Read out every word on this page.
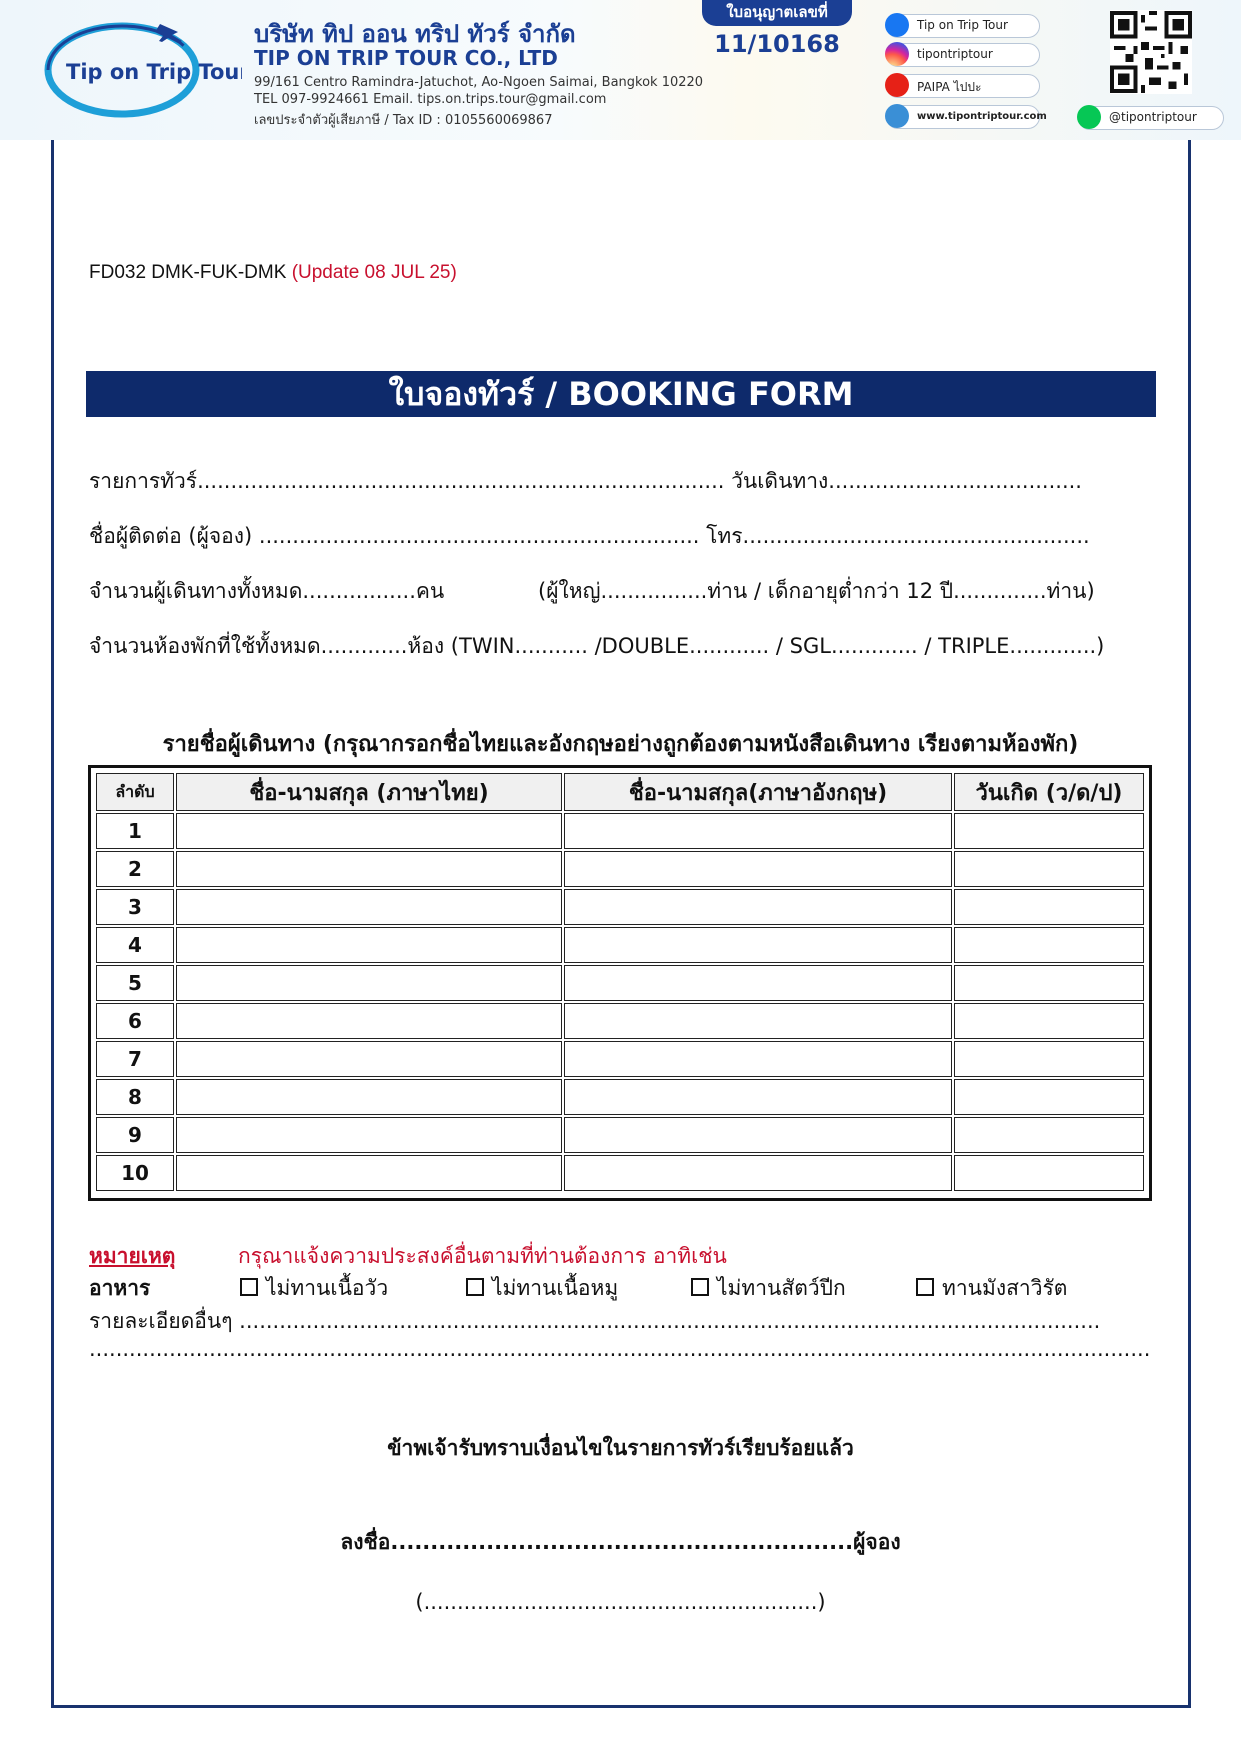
Tip on Trip Tour
บริษัท ทิป ออน ทริป ทัวร์ จำกัด
TIP ON TRIP TOUR CO., LTD
99/161 Centro Ramindra-Jatuchot, Ao-Ngoen Saimai, Bangkok 10220
TEL 097-9924661 Email. tips.on.trips.tour@gmail.com
เลขประจำตัวผู้เสียภาษี / Tax ID : 0105560069867
ใบอนุญาตเลขที่
11/10168
Tip on Trip Tour
tipontriptour
PAIPA ไปปะ
www.tipontriptour.com	@tipontriptour
FD032 DMK-FUK-DMK (Update 08 JUL 25)
ใบจองทัวร์ / BOOKING FORM
รายการทัวร์............................................................................... วันเดินทาง......................................
ชื่อผู้ติดต่อ (ผู้จอง) .................................................................. โทร....................................................
จำนวนผู้เดินทางทั้งหมด.................คน	(ผู้ใหญ่................ท่าน / เด็กอายุต่ำกว่า 12 ปี..............ท่าน)
จำนวนห้องพักที่ใช้ทั้งหมด.............ห้อง (TWIN........... /DOUBLE............ / SGL............. / TRIPLE.............)
รายชื่อผู้เดินทาง (กรุณากรอกชื่อไทยและอังกฤษอย่างถูกต้องตามหนังสือเดินทาง เรียงตามห้องพัก)
ลำดับ	ชื่อ-นามสกุล (ภาษาไทย)	ชื่อ-นามสกุล(ภาษาอังกฤษ)	วันเกิด (ว/ด/ป)
1			
2			
3			
4			
5			
6			
7			
8			
9			
10			
หมายเหตุ	กรุณาแจ้งความประสงค์อื่นตามที่ท่านต้องการ อาทิเช่น
อาหาร	ไม่ทานเนื้อวัว	ไม่ทานเนื้อหมู	ไม่ทานสัตว์ปีก	ทานมังสาวิรัต
รายละเอียดอื่นๆ .................................................................................................................................
...............................................................................................................................................................
ข้าพเจ้ารับทราบเงื่อนไขในรายการทัวร์เรียบร้อยแล้ว
ลงชื่อ..........................................................ผู้จอง
(...........................................................)
